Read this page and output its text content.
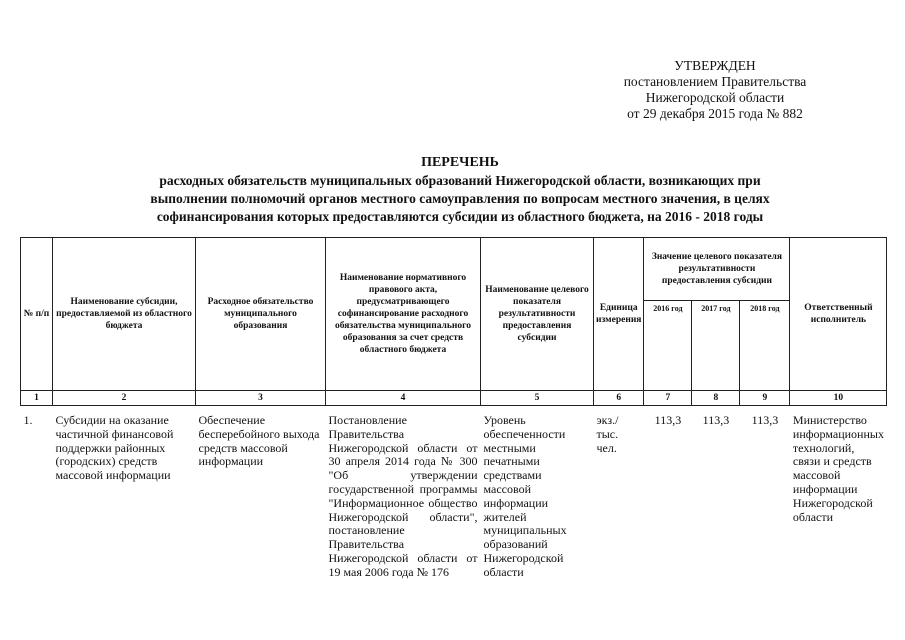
УТВЕРЖДЕН
постановлением Правительства
Нижегородской области
от 29 декабря 2015 года № 882
ПЕРЕЧЕНЬ
расходных обязательств муниципальных образований Нижегородской области, возникающих при
выполнении полномочий органов местного самоуправления по вопросам местного значения, в целях
софинансирования которых предоставляются субсидии из областного бюджета, на 2016 - 2018 годы
№ п/п	Наименование субсидии, предоставляемой из областного бюджета	Расходное обязательство муниципального образования	Наименование нормативного правового акта, предусматривающего софинансирование расходного обязательства муниципального образования за счет средств областного бюджета	Наименование целевого показателя результативности предоставления субсидии	Единица измерения	Значение целевого показателя результативности предоставления субсидии			Ответственный исполнитель
						2016 год	2017 год	2018 год	
1	2	3	4	5	6	7	8	9	10
1.	Субсидии на оказание частичной финансовой поддержки районных (городских) средств массовой информации	Обеспечение бесперебойного выхода средств массовой информации	Постановление Правительства Нижегородской области от 30 апреля 2014 года № 300 "Об утверждении государственной программы "Информационное общество Нижегородской области", постановление Правительства Нижегородской области от 19 мая 2006 года № 176	Уровень обеспеченности местными печатными средствами массовой информации жителей муниципальных образований Нижегородской области	экз./ тыс. чел.	113,3	113,3	113,3	Министерство информационных технологий, связи и средств массовой информации Нижегородской области
